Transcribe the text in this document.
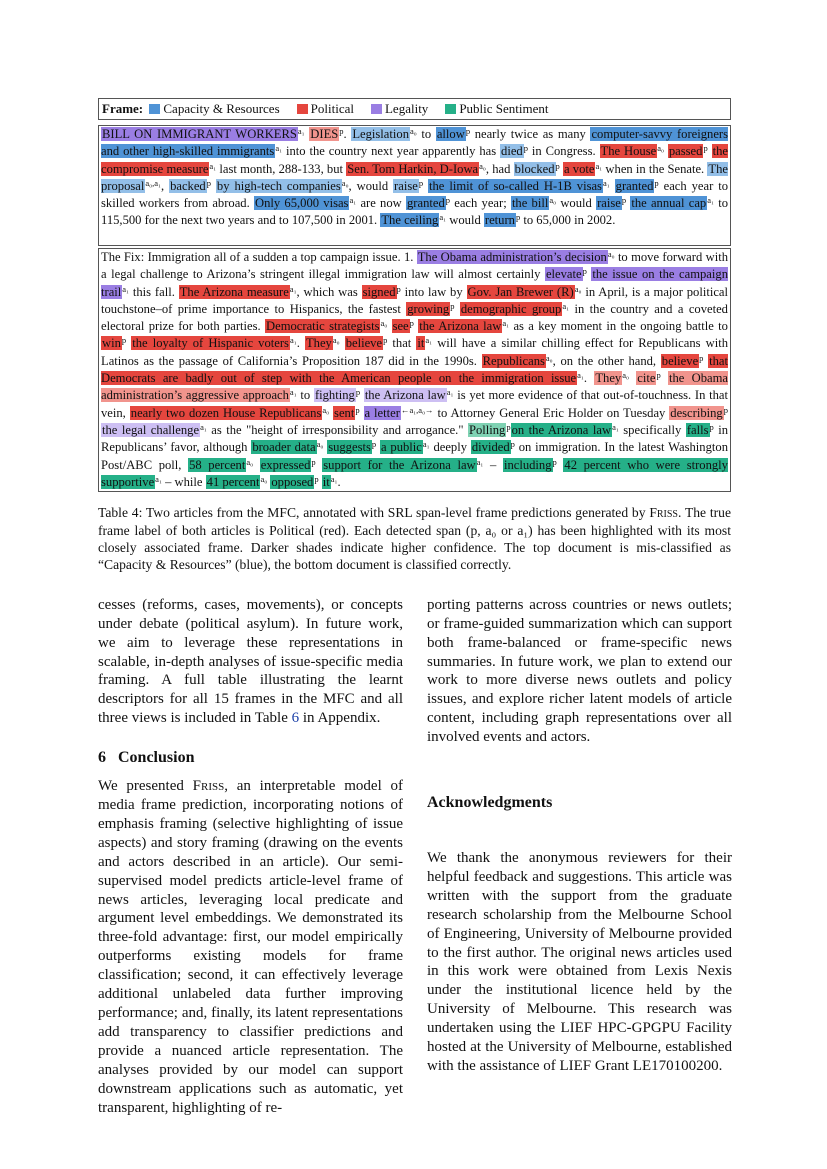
Frame: Capacity & Resources Political Legality Public Sentiment
BILL ON IMMIGRANT $WORKERS^{a_1}$ DIES$^p$. Legislation$^{a_0}$ to allow$^p$ nearly twice as many computer-savvy foreigners and other high-skilled immigrants$^{a_1}$ into the country next year apparently has died$^p$ in Congress. The House$^{a_0}$ passed$^p$ the compromise measure$^{a_1}$ last month, 288-133, but Sen. Tom Harkin, D-Iowa$^{a_0}$, had blocked$^p$ a vote$^{a_1}$ when in the Senate. The proposal$^{a_0,a_1}$, backed$^p$ by high-tech companies$^{a_0}$, would raise$^p$ the limit of so-called H-1B visas$^{a_1}$ granted$^p$ each year to skilled workers from abroad. Only 65,000 visas$^{a_1}$ are now granted$^p$ each year; the bill$^{a_0}$ would raise$^p$ the annual cap$^{a_1}$ to 115,500 for the next two years and to 107,500 in 2001. The ceiling$^{a_1}$ would return$^p$ to 65,000 in 2002.
The Fix: Immigration all of a sudden a top campaign issue. 1. The Obama administration’s decision$^{a_0}$ to move forward with a legal challenge to Arizona’s stringent illegal immigration law will almost certainly elevate$^p$ the issue on the campaign trail$^{a_1}$ this fall. The Arizona measure$^{a_1}$, which was signed$^p$ into law by Gov. Jan Brewer $(R)^{a_0}$ in April, is a major political touchstone–of prime importance to Hispanics, the fastest growing$^p$ demographic group$^{a_1}$ in the country and a coveted electoral prize for both parties. Democratic strategists$^{a_0}$ see$^p$ the Arizona law$^{a_1}$ as a key moment in the ongoing battle to win$^p$ the loyalty of Hispanic voters$^{a_1}$. They$^{a_0}$ believe$^p$ that $it^{a_1}$ will have a similar chilling effect for Republicans with Latinos as the passage of California’s Proposition 187 did in the 1990s. Republicans$^{a_0}$, on the other hand, believe$^p$ that Democrats are badly out of step with the American people on the immigration issue$^{a_1}$. They$^{a_0}$ cite$^p$ the Obama administration’s aggressive approach$^{a_1}$ to fighting$^p$ the Arizona law$^{a_1}$ is yet more evidence of that out-of-touchness. In that vein, nearly two dozen House Republicans$^{a_0}$ sent$^p$ a letter$^{\leftarrow a_1,a_0\to}$ to Attorney General Eric Holder on Tuesday describing$^p$ the legal challenge$^{a_1}$ as the "height of irresponsibility and arrogance." Polling$^p$on the Arizona law$^{a_1}$ specifically falls$^p$ in Republicans’ favor, although broader data$^{a_0}$ suggests$^p$ a public$^{a_1}$ deeply divided$^p$ on immigration. In the latest Washington Post/ABC poll, 58 percent$^{a_0}$ expressed$^p$ support for the Arizona law$^{a_1}$ – including$^p$ 42 percent who were strongly supportive$^{a_1}$ – while 41 percent$^{a_0}$ opposed$^p$ $it^{a_1}$.
Table 4: Two articles from the MFC, annotated with SRL span-level frame predictions generated by Friss. The true frame label of both articles is Political (red). Each detected span (p, a₀ or a₁) has been highlighted with its most closely associated frame. Darker shades indicate higher confidence. The top document is mis-classified as “Capacity & Resources” (blue), the bottom document is classified correctly.

cesses (reforms, cases, movements), or concepts under debate (political asylum). In future work, we aim to leverage these representations in scalable, in-depth analyses of issue-specific media framing. A full table illustrating the learnt descriptors for all 15 frames in the MFC and all three views is included in Table 6 in Appendix.

6 Conclusion

We presented Friss, an interpretable model of media frame prediction, incorporating notions of emphasis framing (selective highlighting of issue aspects) and story framing (drawing on the events and actors described in an article). Our semi-supervised model predicts article-level frame of news articles, leveraging local predicate and argument level embeddings. We demonstrated its three-fold advantage: first, our model empirically outperforms existing models for frame classification; second, it can effectively leverage additional unlabeled data further improving performance; and, finally, its latent representations add transparency to classifier predictions and provide a nuanced article representation. The analyses provided by our model can support downstream applications such as automatic, yet transparent, highlighting of re-

porting patterns across countries or news outlets; or frame-guided summarization which can support both frame-balanced or frame-specific news summaries. In future work, we plan to extend our work to more diverse news outlets and policy issues, and explore richer latent models of article content, including graph representations over all involved events and actors.

Acknowledgments

We thank the anonymous reviewers for their helpful feedback and suggestions. This article was written with the support from the graduate research scholarship from the Melbourne School of Engineering, University of Melbourne provided to the first author. The original news articles used in this work were obtained from Lexis Nexis under the institutional licence held by the University of Melbourne. This research was undertaken using the LIEF HPC-GPGPU Facility hosted at the University of Melbourne, established with the assistance of LIEF Grant LE170100200.
